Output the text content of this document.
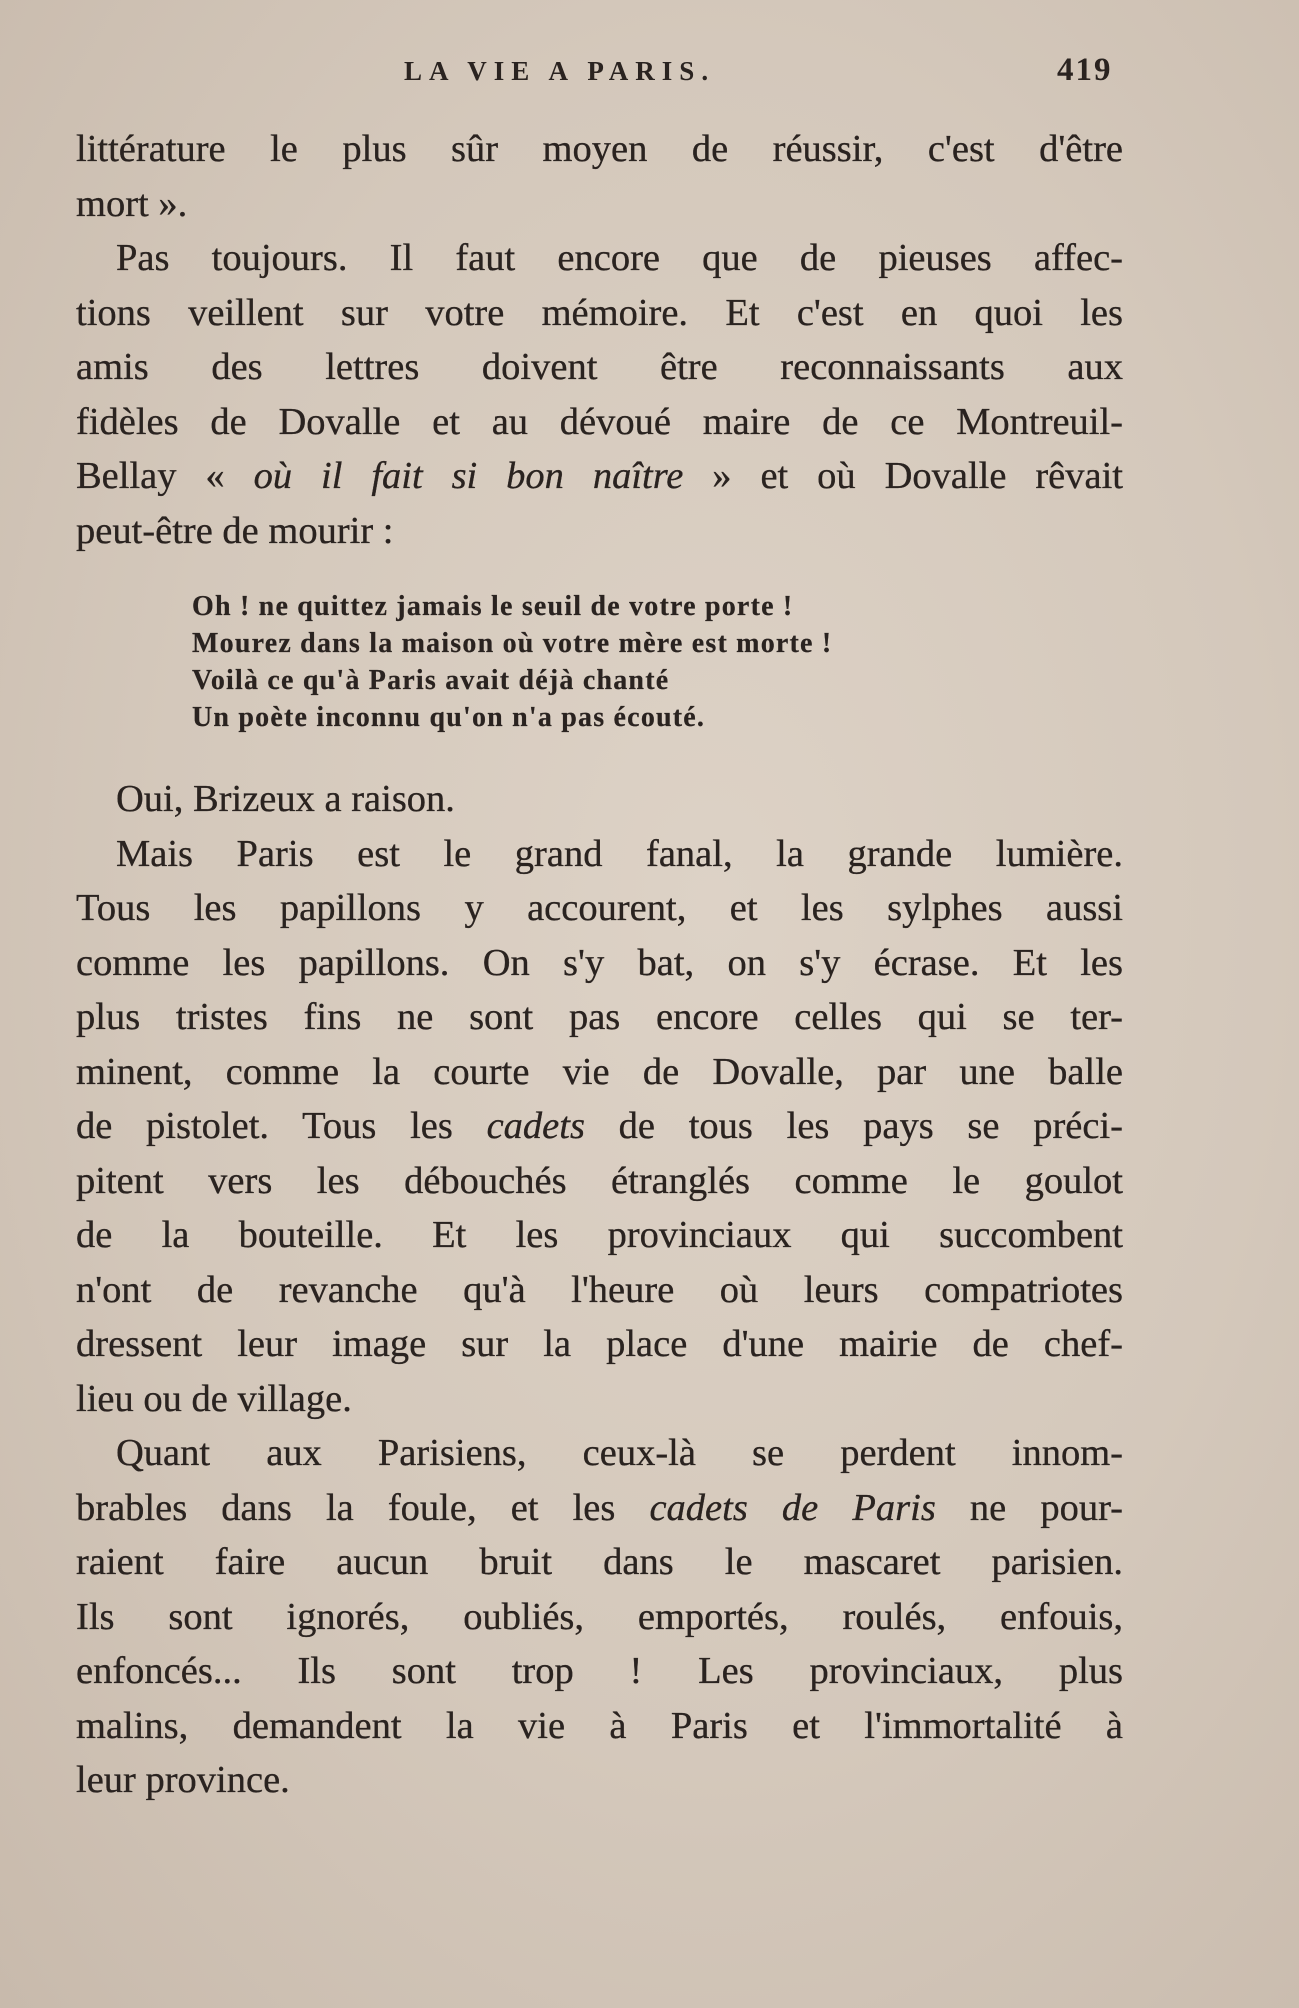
LA VIE A PARIS.	419

littérature le plus sûr moyen de réussir, c'est d'être
mort ».

Pas toujours. Il faut encore que de pieuses affec-
tions veillent sur votre mémoire. Et c'est en quoi les
amis des lettres doivent être reconnaissants aux
fidèles de Dovalle et au dévoué maire de ce Montreuil-
Bellay « où il fait si bon naître » et où Dovalle rêvait
peut-être de mourir :

Oh ! ne quittez jamais le seuil de votre porte !
Mourez dans la maison où votre mère est morte !
Voilà ce qu'à Paris avait déjà chanté
Un poète inconnu qu'on n'a pas écouté.

Oui, Brizeux a raison.

Mais Paris est le grand fanal, la grande lumière.
Tous les papillons y accourent, et les sylphes aussi
comme les papillons. On s'y bat, on s'y écrase. Et les
plus tristes fins ne sont pas encore celles qui se ter-
minent, comme la courte vie de Dovalle, par une balle
de pistolet. Tous les cadets de tous les pays se préci-
pitent vers les débouchés étranglés comme le goulot
de la bouteille. Et les provinciaux qui succombent
n'ont de revanche qu'à l'heure où leurs compatriotes
dressent leur image sur la place d'une mairie de chef-
lieu ou de village.

Quant aux Parisiens, ceux-là se perdent innom-
brables dans la foule, et les cadets de Paris ne pour-
raient faire aucun bruit dans le mascaret parisien.
Ils sont ignorés, oubliés, emportés, roulés, enfouis,
enfoncés... Ils sont trop ! Les provinciaux, plus
malins, demandent la vie à Paris et l'immortalité à
leur province.
